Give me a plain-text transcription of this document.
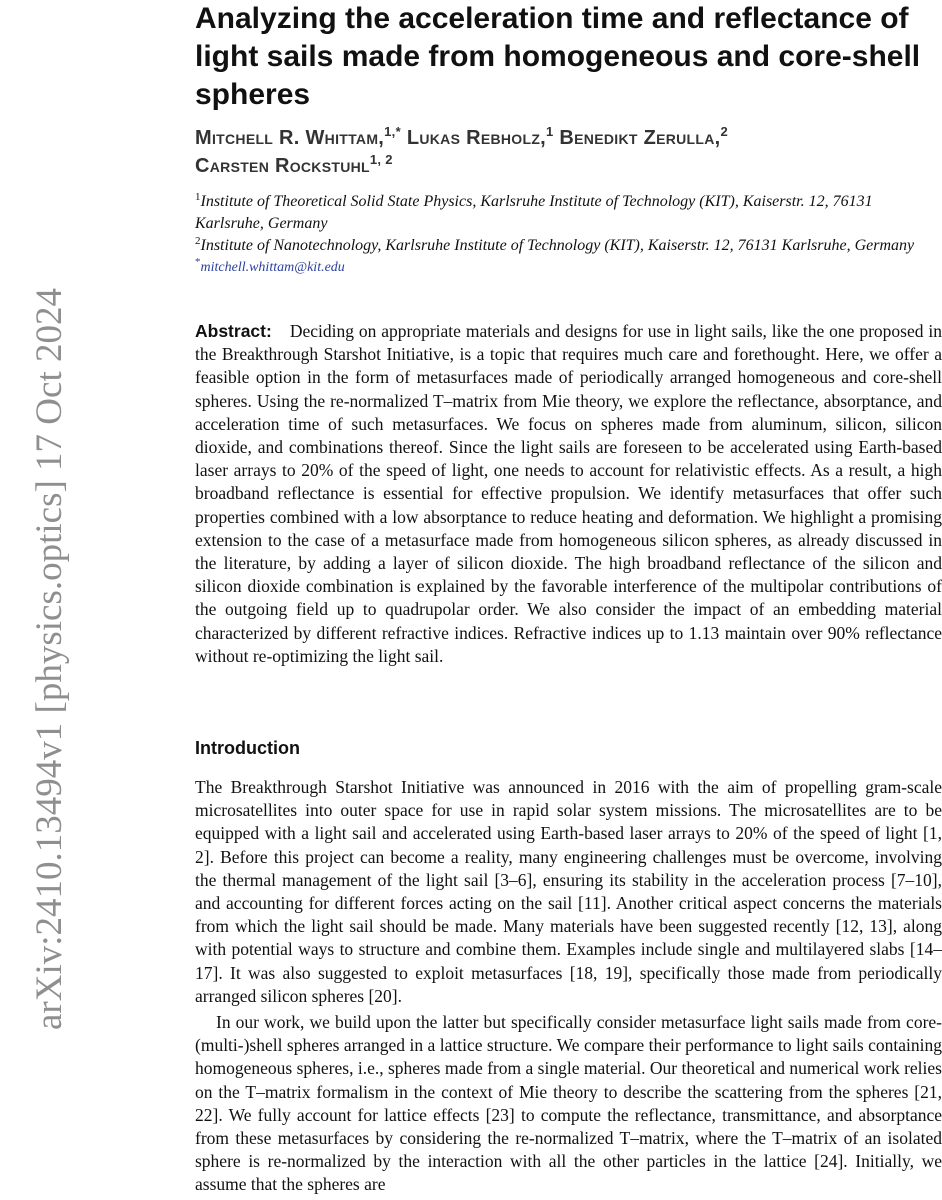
arXiv:2410.13494v1 [physics.optics] 17 Oct 2024
Analyzing the acceleration time and reflectance of light sails made from homogeneous and core-shell spheres
Mitchell R. Whittam,$^{1,*}$ Lukas Rebholz,$^1$ Benedikt Zerulla,$^2$
Carsten Rockstuhl$^{1, 2}$
$^1$Institute of Theoretical Solid State Physics, Karlsruhe Institute of Technology (KIT), Kaiserstr. 12, 76131 Karlsruhe, Germany
$^2$Institute of Nanotechnology, Karlsruhe Institute of Technology (KIT), Kaiserstr. 12, 76131 Karlsruhe, Germany
*mitchell.whittam@kit.edu
Abstract: Deciding on appropriate materials and designs for use in light sails, like the one proposed in the Breakthrough Starshot Initiative, is a topic that requires much care and forethought. Here, we offer a feasible option in the form of metasurfaces made of periodically arranged homogeneous and core-shell spheres. Using the re-normalized T–matrix from Mie theory, we explore the reflectance, absorptance, and acceleration time of such metasurfaces. We focus on spheres made from aluminum, silicon, silicon dioxide, and combinations thereof. Since the light sails are foreseen to be accelerated using Earth-based laser arrays to 20% of the speed of light, one needs to account for relativistic effects. As a result, a high broadband reflectance is essential for effective propulsion. We identify metasurfaces that offer such properties combined with a low absorptance to reduce heating and deformation. We highlight a promising extension to the case of a metasurface made from homogeneous silicon spheres, as already discussed in the literature, by adding a layer of silicon dioxide. The high broadband reflectance of the silicon and silicon dioxide combination is explained by the favorable interference of the multipolar contributions of the outgoing field up to quadrupolar order. We also consider the impact of an embedding material characterized by different refractive indices. Refractive indices up to 1.13 maintain over 90% reflectance without re-optimizing the light sail.
Introduction

The Breakthrough Starshot Initiative was announced in 2016 with the aim of propelling gram-scale microsatellites into outer space for use in rapid solar system missions. The microsatellites are to be equipped with a light sail and accelerated using Earth-based laser arrays to 20% of the speed of light [1, 2]. Before this project can become a reality, many engineering challenges must be overcome, involving the thermal management of the light sail [3–6], ensuring its stability in the acceleration process [7–10], and accounting for different forces acting on the sail [11]. Another critical aspect concerns the materials from which the light sail should be made. Many materials have been suggested recently [12, 13], along with potential ways to structure and combine them. Examples include single and multilayered slabs [14–17]. It was also suggested to exploit metasurfaces [18, 19], specifically those made from periodically arranged silicon spheres [20].

In our work, we build upon the latter but specifically consider metasurface light sails made from core-(multi-)shell spheres arranged in a lattice structure. We compare their performance to light sails containing homogeneous spheres, i.e., spheres made from a single material. Our theoretical and numerical work relies on the T–matrix formalism in the context of Mie theory to describe the scattering from the spheres [21, 22]. We fully account for lattice effects [23] to compute the reflectance, transmittance, and absorptance from these metasurfaces by considering the re-normalized T–matrix, where the T–matrix of an isolated sphere is re-normalized by the interaction with all the other particles in the lattice [24]. Initially, we assume that the spheres are
